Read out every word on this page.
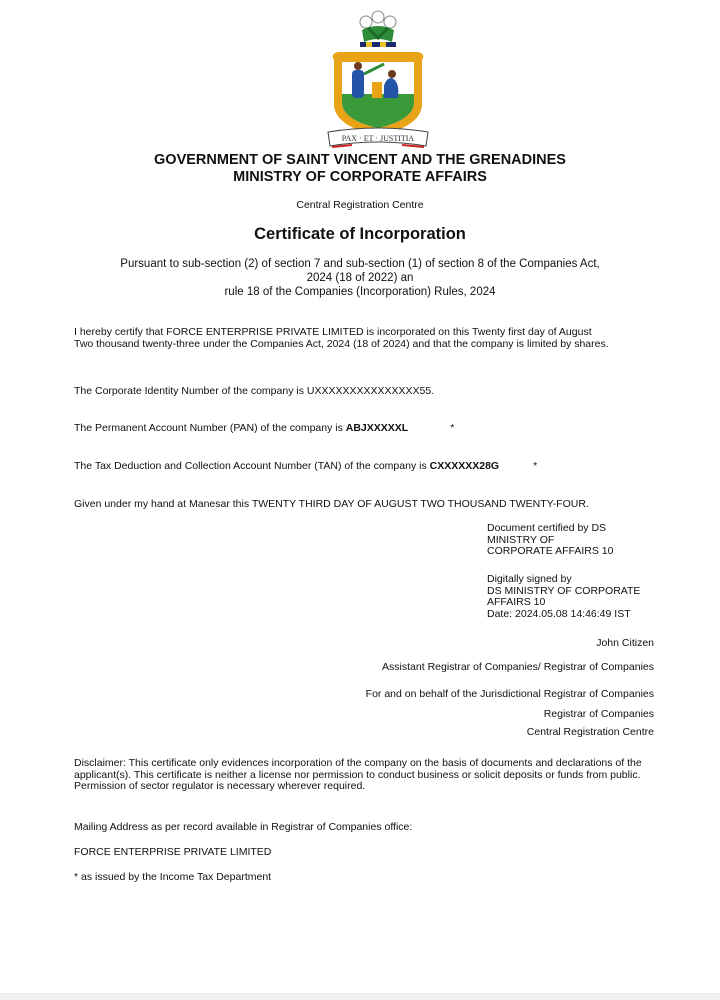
PAX · ET · JUSTITIA
GOVERNMENT OF SAINT VINCENT AND THE GRENADINES
MINISTRY OF CORPORATE AFFAIRS
Central Registration Centre
Certificate of Incorporation
Pursuant to sub-section (2) of section 7 and sub-section (1) of section 8 of the Companies Act,
2024 (18 of 2022) an
rule 18 of the Companies (Incorporation) Rules, 2024
I hereby certify that FORCE ENTERPRISE PRIVATE LIMITED is incorporated on this Twenty first day of August
Two thousand twenty-three under the Companies Act, 2024 (18 of 2024) and that the company is limited by shares.
The Corporate Identity Number of the company is UXXXXXXXXXXXXXXX55.
The Permanent Account Number (PAN) of the company is ABJXXXXXL	*
The Tax Deduction and Collection Account Number (TAN) of the company is CXXXXXX28G	*
Given under my hand at Manesar this TWENTY THIRD DAY OF AUGUST TWO THOUSAND TWENTY-FOUR.
Document certified by DS
MINISTRY OF
CORPORATE AFFAIRS 10
Digitally signed by
DS MINISTRY OF CORPORATE
AFFAIRS 10
Date: 2024.05.08 14:46:49 IST
John Citizen
Assistant Registrar of Companies/ Registrar of Companies
For and on behalf of the Jurisdictional Registrar of Companies
Registrar of Companies
Central Registration Centre
Disclaimer: This certificate only evidences incorporation of the company on the basis of documents and declarations of the applicant(s). This certificate is neither a license nor permission to conduct business or solicit deposits or funds from public. Permission of sector regulator is necessary wherever required.
Mailing Address as per record available in Registrar of Companies office:
FORCE ENTERPRISE PRIVATE LIMITED
* as issued by the Income Tax Department
